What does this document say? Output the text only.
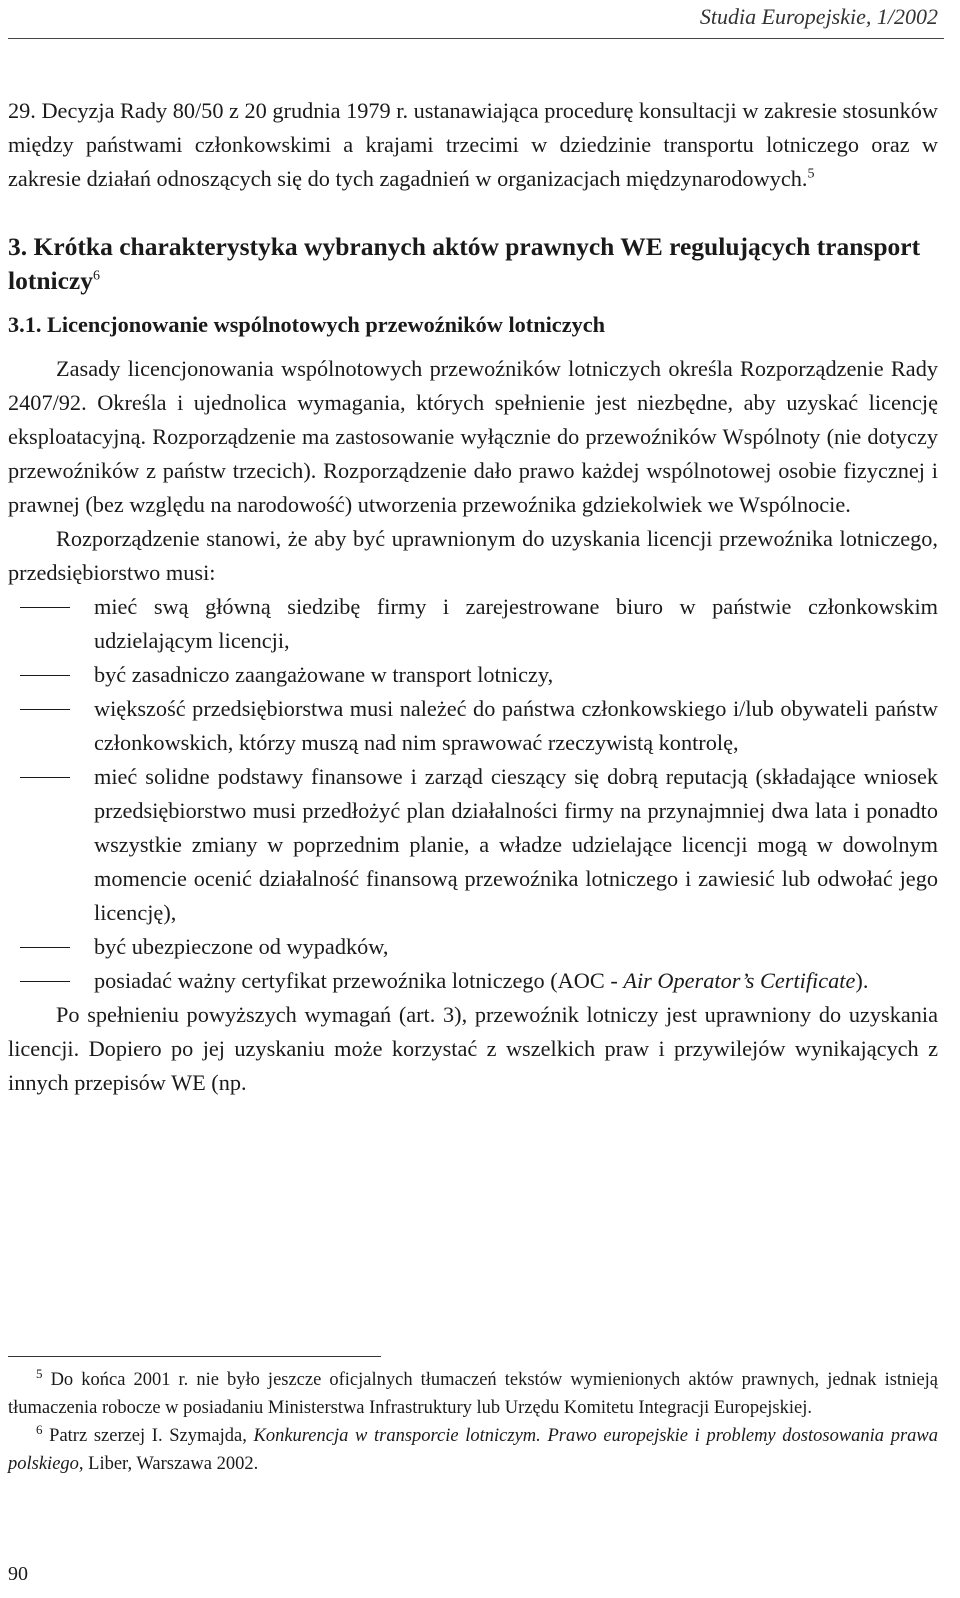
Studia Europejskie, 1/2002

29. Decyzja Rady 80/50 z 20 grudnia 1979 r. ustanawiająca procedurę konsultacji w zakresie stosunków między państwami członkowskimi a krajami trzecimi w dziedzinie transportu lotniczego oraz w zakresie działań odnoszących się do tych zagadnień w organizacjach międzynarodowych.$^5$

3. Krótka charakterystyka wybranych aktów prawnych WE regulujących transport lotniczy$^6$

3.1. Licencjonowanie wspólnotowych przewoźników lotniczych

Zasady licencjonowania wspólnotowych przewoźników lotniczych określa Rozporządzenie Rady 2407/92. Określa i ujednolica wymagania, których spełnienie jest niezbędne, aby uzyskać licencję eksploatacyjną. Rozporządzenie ma zastosowanie wyłącznie do przewoźników Wspólnoty (nie dotyczy przewoźników z państw trzecich). Rozporządzenie dało prawo każdej wspólnotowej osobie fizycznej i prawnej (bez względu na narodowość) utworzenia przewoźnika gdziekolwiek we Wspólnocie.

Rozporządzenie stanowi, że aby być uprawnionym do uzyskania licencji przewoźnika lotniczego, przedsiębiorstwo musi:

mieć swą główną siedzibę firmy i zarejestrowane biuro w państwie członkowskim udzielającym licencji,
być zasadniczo zaangażowane w transport lotniczy,
większość przedsiębiorstwa musi należeć do państwa członkowskiego i/lub obywateli państw członkowskich, którzy muszą nad nim sprawować rzeczywistą kontrolę,
mieć solidne podstawy finansowe i zarząd cieszący się dobrą reputacją (składające wniosek przedsiębiorstwo musi przedłożyć plan działalności firmy na przynajmniej dwa lata i ponadto wszystkie zmiany w poprzednim planie, a władze udzielające licencji mogą w dowolnym momencie ocenić działalność finansową przewoźnika lotniczego i zawiesić lub odwołać jego licencję),
być ubezpieczone od wypadków,
posiadać ważny certyfikat przewoźnika lotniczego (AOC - Air Operator’s Certificate).

Po spełnieniu powyższych wymagań (art. 3), przewoźnik lotniczy jest uprawniony do uzyskania licencji. Dopiero po jej uzyskaniu może korzystać z wszelkich praw i przywilejów wynikających z innych przepisów WE (np.

$^5$ Do końca 2001 r. nie było jeszcze oficjalnych tłumaczeń tekstów wymienionych aktów prawnych, jednak istnieją tłumaczenia robocze w posiadaniu Ministerstwa Infrastruktury lub Urzędu Komitetu Integracji Europejskiej.

$^6$ Patrz szerzej I. Szymajda, Konkurencja w transporcie lotniczym. Prawo europejskie i problemy dostosowania prawa polskiego, Liber, Warszawa 2002.

90
